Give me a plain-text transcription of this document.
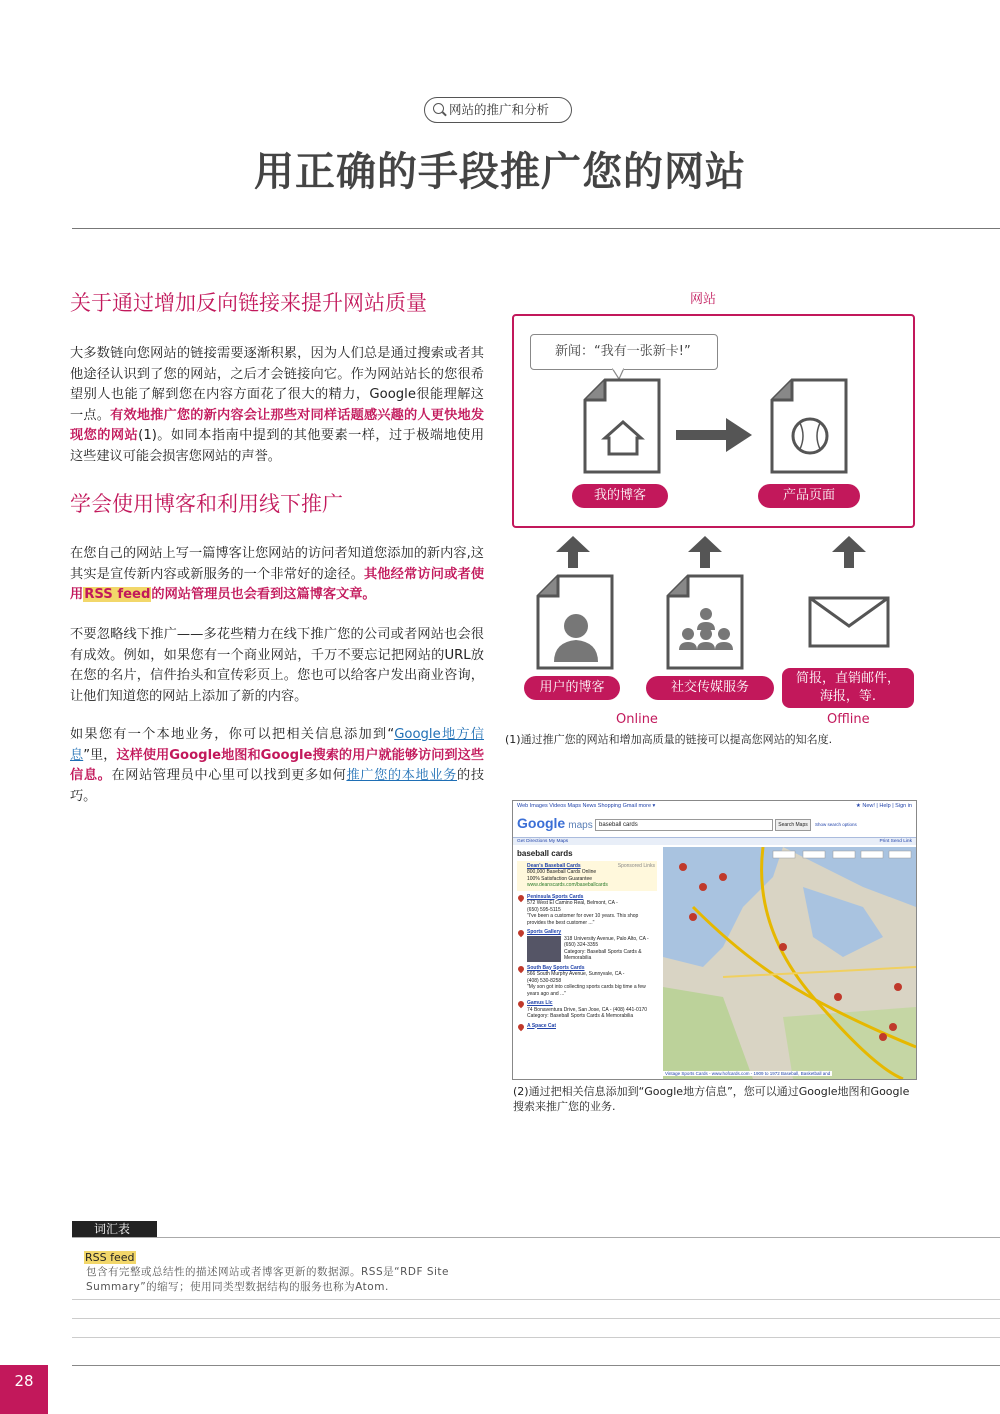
网站的推广和分析
用正确的手段推广您的网站
关于通过增加反向链接来提升网站质量
大多数链向您网站的链接需要逐渐积累，因为人们总是通过搜索或者其他途径认识到了您的网站，之后才会链接向它。作为网站站长的您很希望别人也能了解到您在内容方面花了很大的精力，Google很能理解这一点。有效地推广您的新内容会让那些对同样话题感兴趣的人更快地发现您的网站(1)。如同本指南中提到的其他要素一样，过于极端地使用这些建议可能会损害您网站的声誉。
学会使用博客和利用线下推广
在您自己的网站上写一篇博客让您网站的访问者知道您添加的新内容,这其实是宣传新内容或新服务的一个非常好的途径。其他经常访问或者使用RSS feed的网站管理员也会看到这篇博客文章。
不要忽略线下推广——多花些精力在线下推广您的公司或者网站也会很有成效。例如，如果您有一个商业网站，千万不要忘记把网站的URL放在您的名片，信件抬头和宣传彩页上。您也可以给客户发出商业咨询，让他们知道您的网站上添加了新的内容。
如果您有一个本地业务，你可以把相关信息添加到“Google地方信息”里，这样使用Google地图和Google搜索的用户就能够访问到这些信息。在网站管理员中心里可以找到更多如何推广您的本地业务的技巧。
网站
新闻：“我有一张新卡!”
我的博客	产品页面
用户的博客	社交传媒服务
简报，直销邮件，
海报，等.
Online	Offline
(1)通过推广您的网站和增加高质量的链接可以提高您网站的知名度.
Web Images Videos Maps News Shopping Gmail more ▾	★ New! | Help | Sign in
Google maps	baseball cards	Search Maps	Show search options
Get Directions My Maps	Print Send Link
baseball cards
Sponsored Links
Dean's Baseball Cards
800,000 Baseball Cards Online
100% Satisfaction Guarantee
www.deanscards.com/baseballcards
Peninsula Sports Cards
572 West El Camino Real, Belmont, CA -
(650) 595-5115
"I've been a customer for over 10 years. This shop provides the best customer ..."
Sports Gallery
318 University Avenue, Palo Alto, CA -
(650) 324-3355
Category: Baseball Sports Cards & Memorabilia
South Bay Sports Cards
566 South Murphy Avenue, Sunnyvale, CA -
(408) 530-8258
"My son got into collecting sports cards big time a few years ago and ..."
Gamus Llc
74 Bonaventura Drive, San Jose, CA - (408) 441-0170
Category: Baseball Sports Cards & Memorabilia
A Space Cat
Vintage Sports Cards - www.hofcards.com - 1909 to 1972 Baseball, Basketball and
(2)通过把相关信息添加到“Google地方信息”，您可以通过Google地图和Google搜索来推广您的业务.
词汇表
RSS feed
包含有完整或总结性的描述网站或者博客更新的数据源。RSS是“RDF Site Summary”的缩写；使用同类型数据结构的服务也称为Atom.
28
